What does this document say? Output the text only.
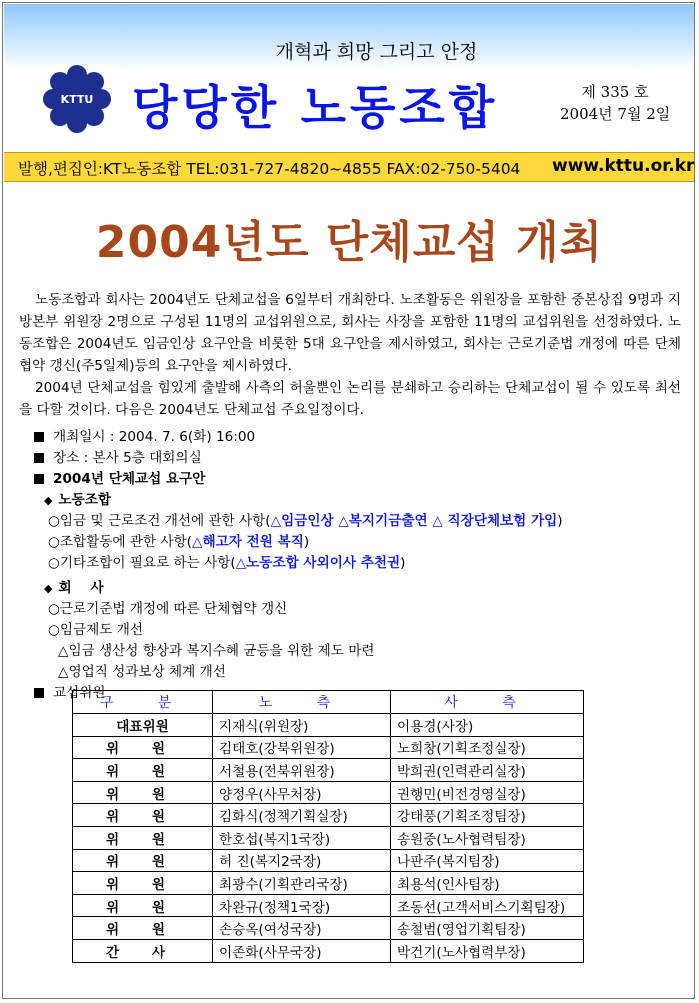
개혁과 희망 그리고 안정
KTTU 당당한 노동조합	제 335 호
2004년 7월 2일
발행,편집인:KT노동조합 TEL:031-727-4820~4855 FAX:02-750-5404 www.kttu.or.kr
2004년도 단체교섭 개최
노동조합과 회사는 2004년도 단체교섭을 6일부터 개최한다. 노조활동은 위원장을 포함한 중본상집 9명과 지방본부 위원장 2명으로 구성된 11명의 교섭위원으로, 회사는 사장을 포함한 11명의 교섭위원을 선정하였다. 노동조합은 2004년도 임금인상 요구안을 비롯한 5대 요구안을 제시하였고, 회사는 근로기준법 개정에 따른 단체협약 갱신(주5일제)등의 요구안을 제시하였다.
2004년 단체교섭을 힘있게 출발해 사측의 허울뿐인 논리를 분쇄하고 승리하는 단체교섭이 될 수 있도록 최선을 다할 것이다. 다음은 2004년도 단체교섭 주요일정이다.
개최일시 : 2004. 7. 6(화) 16:00
장소 : 본사 5층 대회의실
2004년 단체교섭 요구안
◆ 노동조합
○임금 및 근로조건 개선에 관한 사항(△임금인상 △복지기금출연 △ 직장단체보험 가입)
○조합활동에 관한 사항(△해고자 전원 복직)
○기타조합이 필요로 하는 사항(△노동조합 사외이사 추천권)
◆ 회    사
○근로기준법 개정에 따른 단체협약 갱신
○임금제도 개선
△임금 생산성 향상과 복지수혜 균등을 위한 제도 마련
△영업직 성과보상 체계 개선
교섭위원
구 분	노 측	사 측
대표위원	지재식(위원장)	이용경(사장)
위 원	김태호(강북위원장)	노희창(기획조정실장)
위 원	서철용(전북위원장)	박희권(인력관리실장)
위 원	양정우(사무처장)	권행민(비전경영실장)
위 원	김화식(정책기획실장)	강태풍(기획조정팀장)
위 원	한호섭(복지1국장)	송원중(노사협력팀장)
위 원	허 진(복지2국장)	나판주(복지팀장)
위 원	최광수(기획관리국장)	최용석(인사팀장)
위 원	차완규(정책1국장)	조동선(고객서비스기획팀장)
위 원	손승옥(여성국장)	송철범(영업기획팀장)
간 사	이존화(사무국장)	박건기(노사협력부장)
